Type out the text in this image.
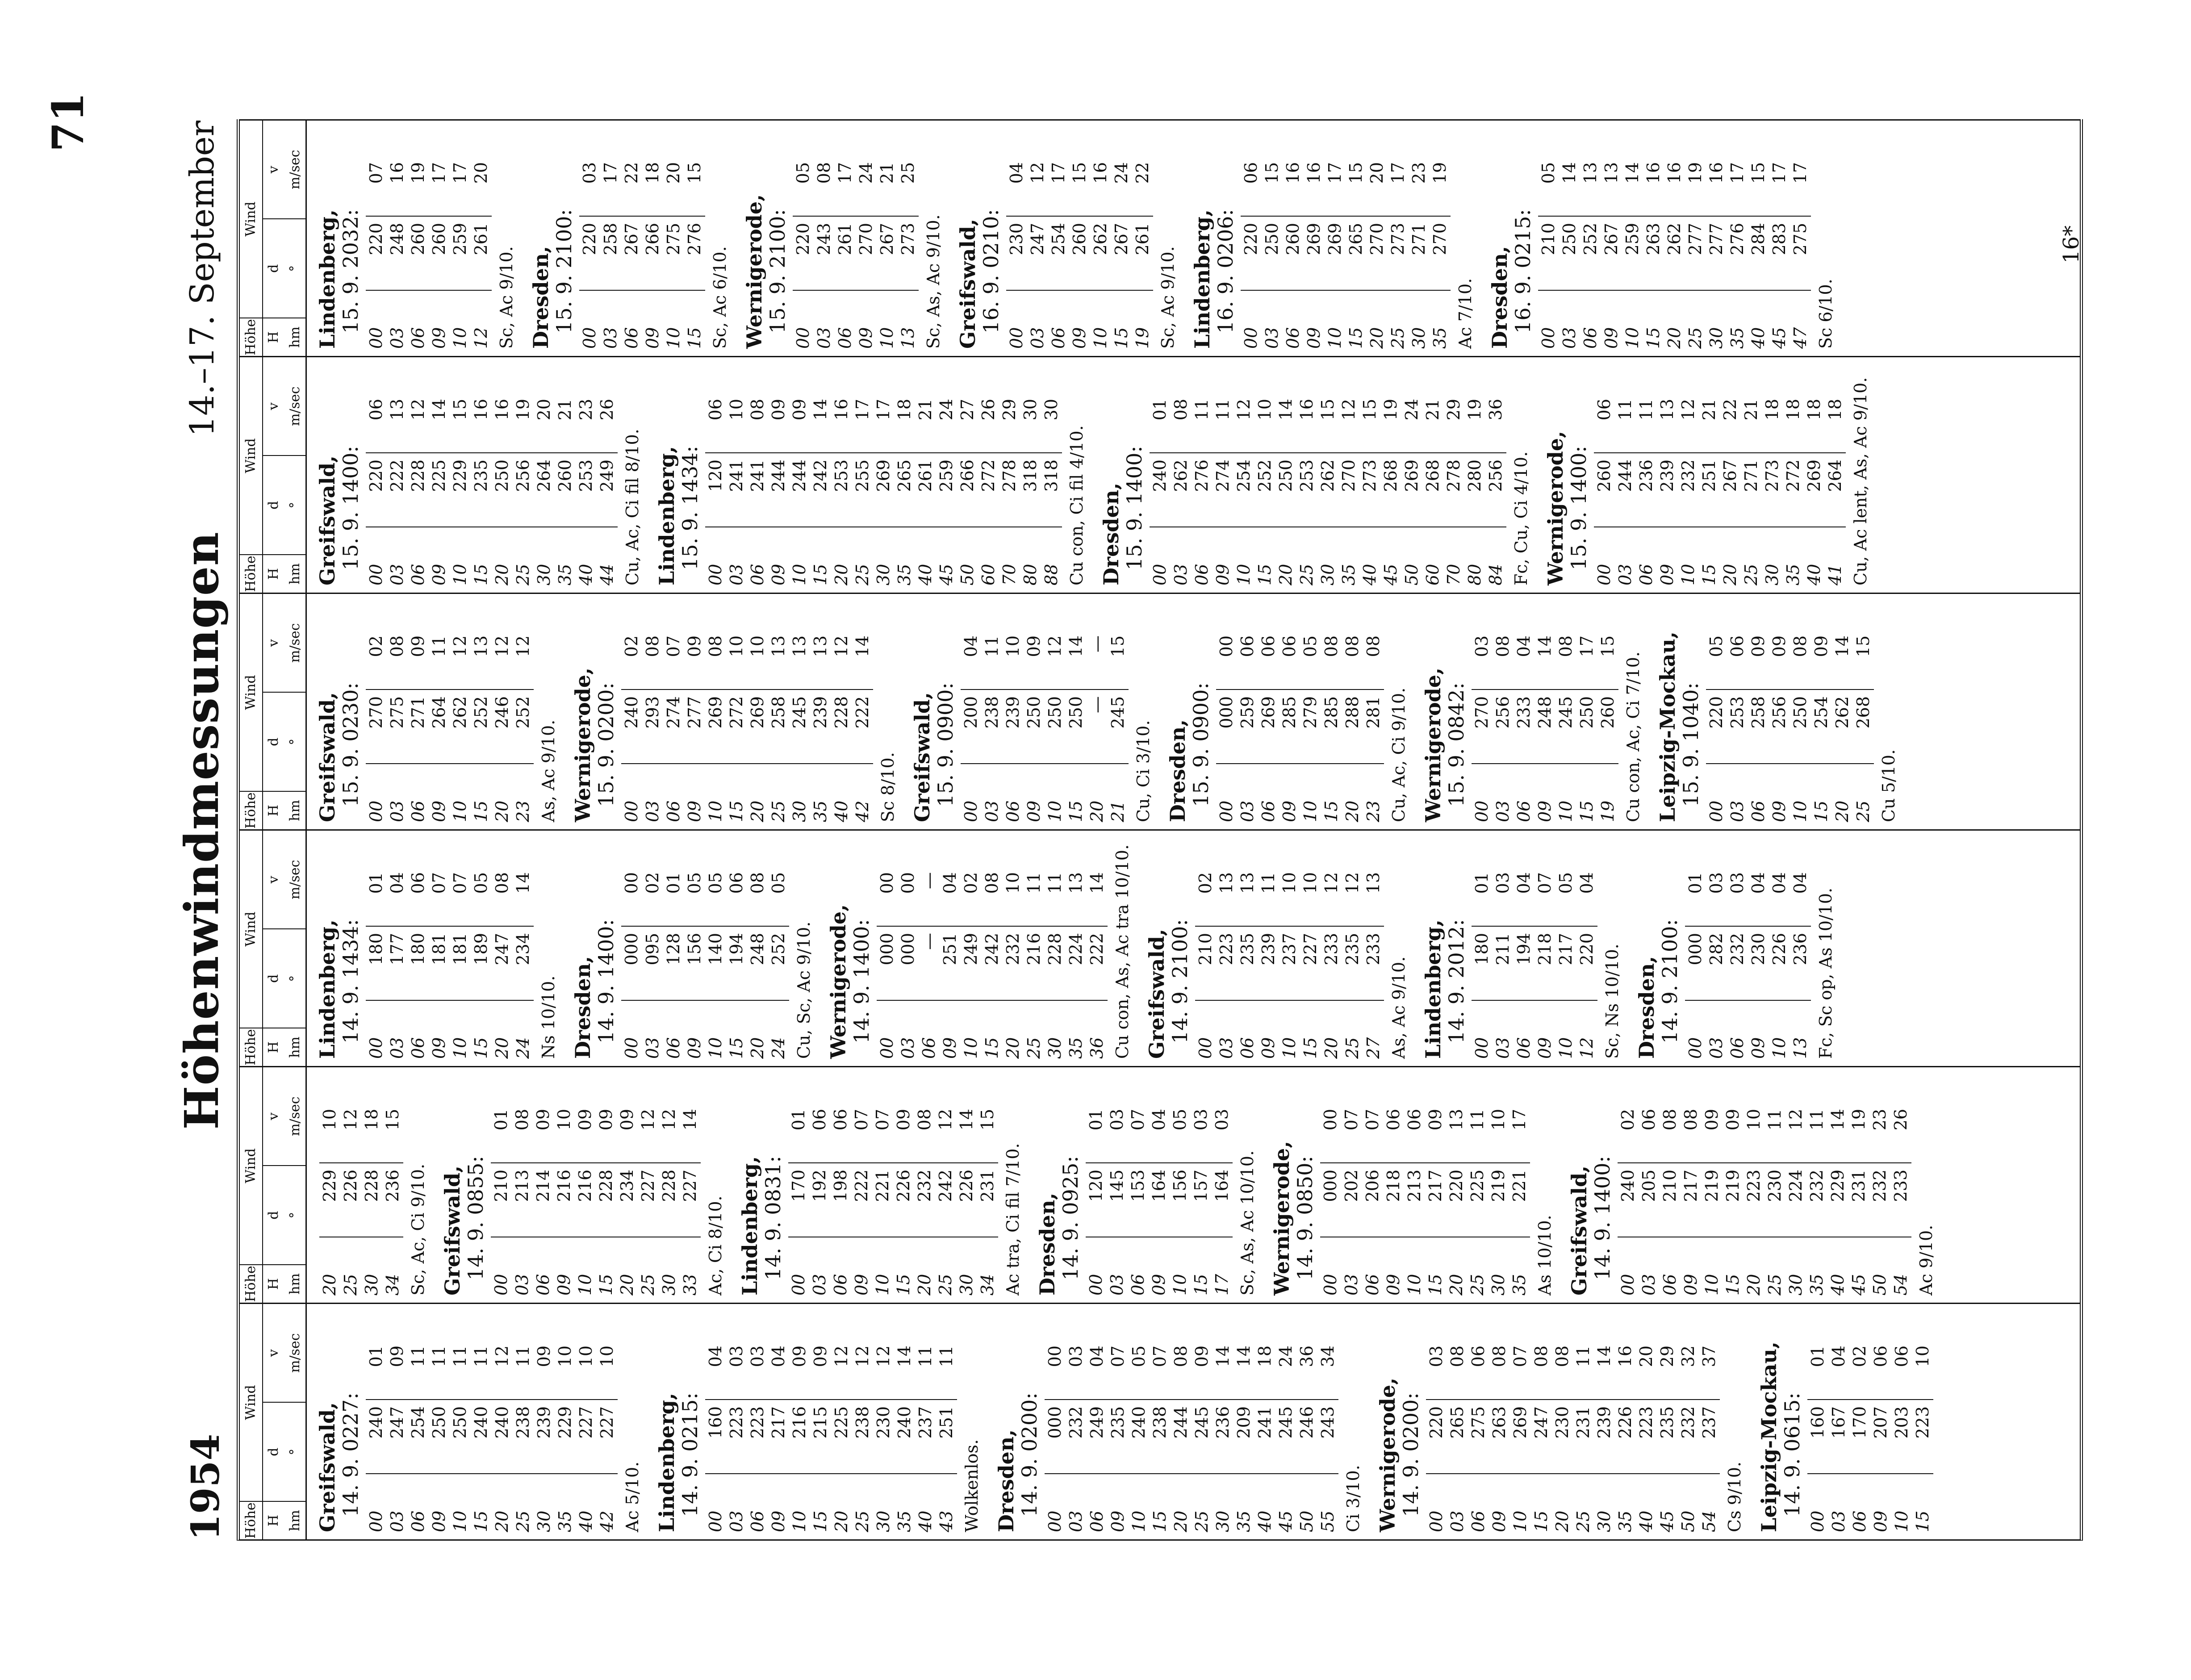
1954
Höhenwindmessungen
14.–17. September
Höhe H hm
Wind
d °
v m/sec
Greifswald,
14. 9. 0227:
00
240
01
03
247
09
06
254
11
09
250
11
10
250
11
15
240
11
20
240
12
25
238
11
30
239
09
35
229
10
40
227
10
42
227
10
Ac 5/10. Lindenberg,
14. 9. 0215:
00
160
04
03
223
03
06
223
03
09
217
04
10
216
09
15
215
09
20
225
12
25
238
12
30
230
12
35
240
14
40
237
11
43
251
11
Wolkenlos. Dresden,
14. 9. 0200:
00
000
00
03
232
03
06
249
04
09
235
07
10
240
05
15
238
07
20
244
08
25
245
09
30
236
14
35
209
14
40
241
18
45
245
24
50
246
36
55
243
34
Ci 3/10. Wernigerode,
14. 9. 0200:
00
220
03
03
265
08
06
275
06
09
263
08
10
269
07
15
247
08
20
230
08
25
231
11
30
239
14
35
226
16
40
223
20
45
235
29
50
232
32
54
237
37
Cs 9/10. Leipzig-Mockau,
14. 9. 0615:
00
160
01
03
167
04
06
170
02
09
207
06
10
203
06
15
223
10
Höhe H hm
Wind
d °
v m/sec
20
229
10
25
226
12
30
228
18
34
236
15
Sc, Ac, Ci 9/10. Greifswald,
14. 9. 0855:
00
210
01
03
213
08
06
214
09
09
216
10
10
216
09
15
228
09
20
234
09
25
227
12
30
228
12
33
227
14
Ac, Ci 8/10. Lindenberg,
14. 9. 0831:
00
170
01
03
192
06
06
198
06
09
222
07
10
221
07
15
226
09
20
232
08
25
242
12
30
226
14
34
231
15
Ac tra, Ci fil 7/10. Dresden,
14. 9. 0925:
00
120
01
03
145
03
06
153
07
09
164
04
10
156
05
15
157
03
17
164
03
Sc, As, Ac 10/10. Wernigerode,
14. 9. 0850:
00
000
00
03
202
07
06
206
07
09
218
06
10
213
06
15
217
09
20
220
13
25
225
11
30
219
10
35
221
17
As 10/10. Greifswald,
14. 9. 1400:
00
240
02
03
205
06
06
210
08
09
217
08
10
219
09
15
219
09
20
223
10
25
230
11
30
224
12
35
232
11
40
229
14
45
231
19
50
232
23
54
233
26
Ac 9/10.
Höhe H hm
Wind
d °
v m/sec
Lindenberg,
14. 9. 1434:
00
180
01
03
177
04
06
180
06
09
181
07
10
181
07
15
189
05
20
247
08
24
234
14
Ns 10/10. Dresden,
14. 9. 1400:
00
000
00
03
095
02
06
128
01
09
156
05
10
140
05
15
194
06
20
248
08
24
252
05
Cu, Sc, Ac 9/10. Wernigerode,
14. 9. 1400:
00
000
00
03
000
00
06
—
—
09
251
04
10
249
02
15
242
08
20
232
10
25
216
11
30
228
11
35
224
13
36
222
14 Cu con, As, Ac tra 10/10. Greifswald,
14. 9. 2100:
00
210
02
03
223
13
06
235
13
09
239
11
10
237
10
15
227
10
20
233
12
25
235
12
27
233
13
As, Ac 9/10. Lindenberg,
14. 9. 2012:
00
180
01
03
211
03
06
194
04
09
218
07
10
217
05
12
220
04
Sc, Ns 10/10. Dresden,
14. 9. 2100:
00
000
01
03
282
03
06
232
03
09
230
04
10
226
04
13
236
04
Fc, Sc op, As 10/10.
Höhe H hm
Wind
d °
v m/sec
Greifswald,
15. 9. 0230:
00
270
02
03
275
08
06
271
09
09
264
11
10
262
12
15
252
13
20
246
12
23
252
12
As, Ac 9/10. Wernigerode,
15. 9. 0200:
00
240
02
03
293
08
06
274
07
09
277
09
10
269
08
15
272
10
20
269
10
25
258
13
30
245
13
35
239
13
40
228
12
42
222
14
Sc 8/10. Greifswald,
15. 9. 0900:
00
200
04
03
238
11
06
239
10
09
250
09
10
250
12
15
250
14
20
—
—
21
245
15
Cu, Ci 3/10. Dresden,
15. 9. 0900:
00
000
00
03
259
06
06
269
06
09
285
06
10
279
05
15
285
08
20
288
08
23
281
08
Cu, Ac, Ci 9/10. Wernigerode,
15. 9. 0842:
00
270
03
03
256
08
06
233
04
09
248
14
10
245
08
15
250
17
19
260
15
Cu con, Ac, Ci 7/10. Leipzig-Mockau,
15. 9. 1040:
00
220
05
03
253
06
06
258
09
09
256
09
10
250
08
15
254
09
20
262
14
25
268
15
Cu 5/10.
Höhe H hm
Wind
d °
v m/sec
Greifswald,
15. 9. 1400:
00
220
06
03
222
13
06
228
12
09
225
14
10
229
15
15
235
16
20
250
16
25
256
19
30
264
20
35
260
21
40
253
23
44
249
26
Cu, Ac, Ci fil 8/10. Lindenberg,
15. 9. 1434:
00
120
06
03
241
10
06
241
08
09
244
09
10
244
09
15
242
14
20
253
16
25
255
17
30
269
17
35
265
18
40
261
21
45
259
24
50
266
27
60
272
26
70
278
29
80
318
30
88
318
30
Cu con, Ci fil 4/10. Dresden,
15. 9. 1400:
00
240
01
03
262
08
06
276
11
09
274
11
10
254
12
15
252
10
20
250
14
25
253
16
30
262
15
35
270
12
40
273
15
45
268
19
50
269
24
60
268
21
70
278
29
80
280
19
84
256
36
Fc, Cu, Ci 4/10. Wernigerode,
15. 9. 1400:
00
260
06
03
244
11
06
236
11
09
239
13
10
232
12
15
251
21
20
267
22
25
271
21
30
273
18
35
272
18
40
269
18
41
264
18 Cu, Ac lent, As, Ac 9/10.
Höhe H hm
Wind
d °
v m/sec
Lindenberg,
15. 9. 2032:
00
220
07
03
248
16
06
260
19
09
260
17
10
259
17
12
261
20
Sc, Ac 9/10. Dresden,
15. 9. 2100:
00
220
03
03
258
17
06
267
22
09
266
18
10
275
20
15
276
15
Sc, Ac 6/10. Wernigerode,
15. 9. 2100:
00
220
05
03
243
08
06
261
17
09
270
24
10
267
21
13
273
25
Sc, As, Ac 9/10. Greifswald,
16. 9. 0210:
00
230
04
03
247
12
06
254
17
09
260
15
10
262
16
15
267
24
19
261
22
Sc, Ac 9/10. Lindenberg,
16. 9. 0206:
00
220
06
03
250
15
06
260
16
09
269
16
10
269
17
15
265
15
20
270
20
25
273
17
30
271
23
35
270
19
Ac 7/10. Dresden,
16. 9. 0215:
00
210
05
03
250
14
06
252
13
09
267
13
10
259
14
15
263
16
20
262
16
25
277
19
30
277
16
35
276
17
40
284
15
45
283
17
47
275
17
Sc 6/10.
71
16*
